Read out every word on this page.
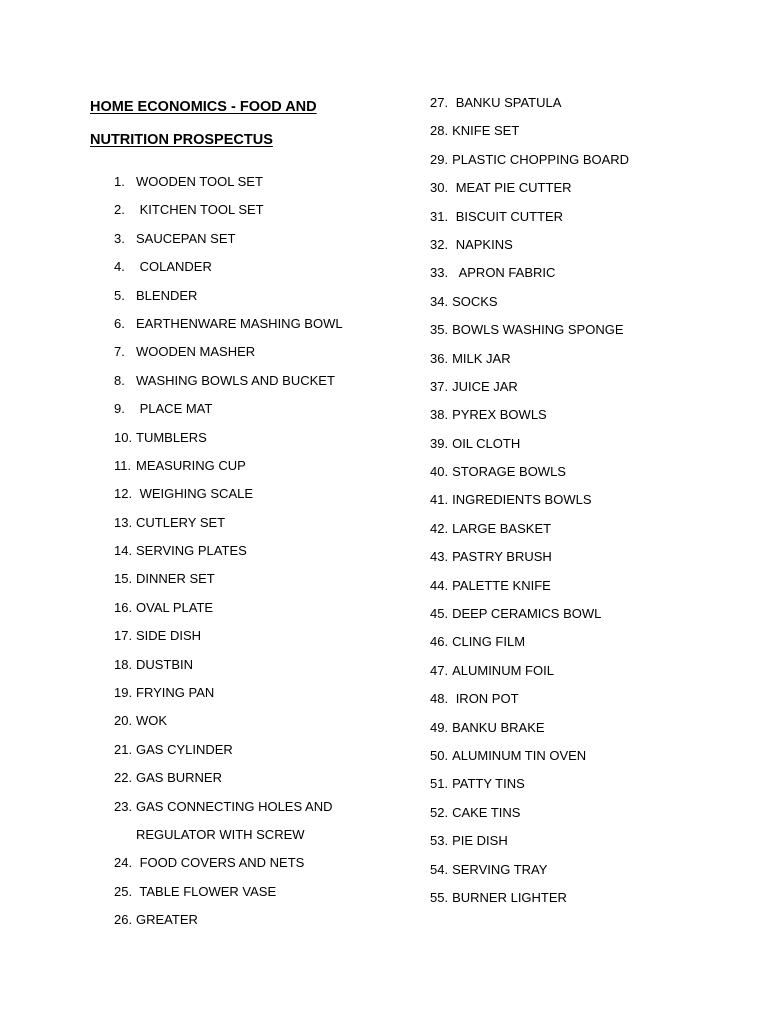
HOME ECONOMICS - FOOD AND
NUTRITION PROSPECTUS
1. WOODEN TOOL SET
2. KITCHEN TOOL SET
3. SAUCEPAN SET
4. COLANDER
5. BLENDER
6. EARTHENWARE MASHING BOWL
7. WOODEN MASHER
8. WASHING BOWLS AND BUCKET
9. PLACE MAT
10. TUMBLERS
11. MEASURING CUP
12. WEIGHING SCALE
13. CUTLERY SET
14. SERVING PLATES
15. DINNER SET
16. OVAL PLATE
17. SIDE DISH
18. DUSTBIN
19. FRYING PAN
20. WOK
21. GAS CYLINDER
22. GAS BURNER
23. GAS CONNECTING HOLES AND REGULATOR WITH SCREW
24. FOOD COVERS AND NETS
25. TABLE FLOWER VASE
26. GREATER
27. BANKU SPATULA
28. KNIFE SET
29. PLASTIC CHOPPING BOARD
30. MEAT PIE CUTTER
31. BISCUIT CUTTER
32. NAPKINS
33.  APRON FABRIC
34. SOCKS
35. BOWLS WASHING SPONGE
36. MILK JAR
37. JUICE JAR
38. PYREX BOWLS
39. OIL CLOTH
40. STORAGE BOWLS
41. INGREDIENTS BOWLS
42. LARGE BASKET
43. PASTRY BRUSH
44. PALETTE KNIFE
45. DEEP CERAMICS BOWL
46. CLING FILM
47. ALUMINUM FOIL
48. IRON POT
49. BANKU BRAKE
50. ALUMINUM TIN OVEN
51. PATTY TINS
52. CAKE TINS
53. PIE DISH
54. SERVING TRAY
55. BURNER LIGHTER
